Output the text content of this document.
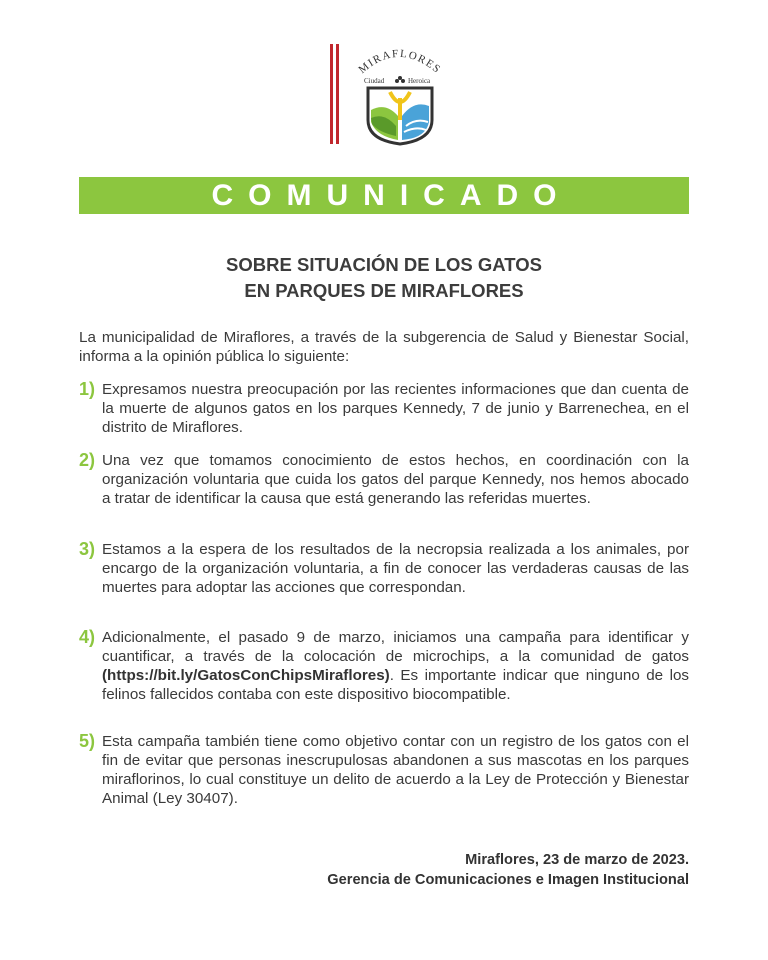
MIRAFLORES
Ciudad	Heroica
COMUNICADO
SOBRE SITUACIÓN DE LOS GATOS
EN PARQUES DE MIRAFLORES
La municipalidad de Miraflores, a través de la subgerencia de Salud y Bienestar Social, informa a la opinión pública lo siguiente:
1) Expresamos nuestra preocupación por las recientes informaciones que dan cuenta de la muerte de algunos gatos en los parques Kennedy, 7 de junio y Barrenechea, en el distrito de Miraflores.
2) Una vez que tomamos conocimiento de estos hechos, en coordinación con la organización voluntaria que cuida los gatos del parque Kennedy, nos hemos abocado a tratar de identificar la causa que está generando las referidas muertes.
3) Estamos a la espera de los resultados de la necropsia realizada a los animales, por encargo de la organización voluntaria, a fin de conocer las verdaderas causas de las muertes para adoptar las acciones que correspondan.
4) Adicionalmente, el pasado 9 de marzo, iniciamos una campaña para identificar y cuantificar, a través de la colocación de microchips, a la comunidad de gatos (https://bit.ly/GatosConChipsMiraflores). Es importante indicar que ninguno de los felinos fallecidos contaba con este dispositivo biocompatible.
5) Esta campaña también tiene como objetivo contar con un registro de los gatos con el fin de evitar que personas inescrupulosas abandonen a sus mascotas en los parques miraflorinos, lo cual constituye un delito de acuerdo a la Ley de Protección y Bienestar Animal (Ley 30407).
Miraflores, 23 de marzo de 2023.
Gerencia de Comunicaciones e Imagen Institucional
